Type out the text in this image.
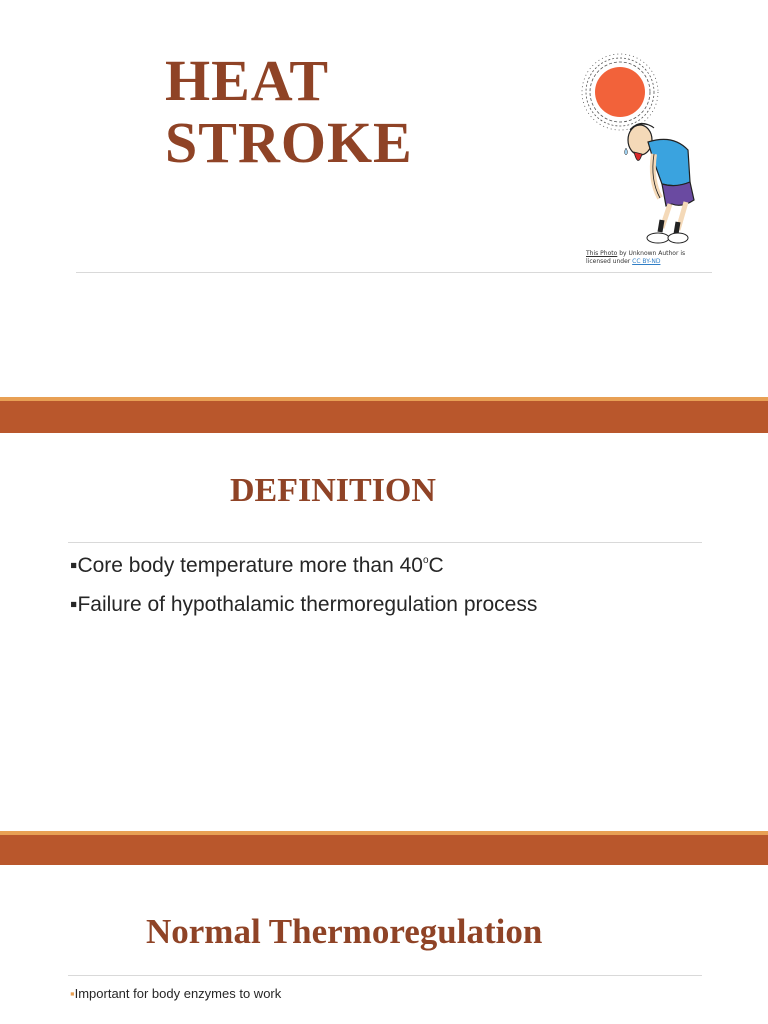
HEAT
STROKE
This Photo by Unknown Author is licensed under CC BY-ND
DEFINITION
▪Core body temperature more than 40$^o$C
▪Failure of hypothalamic thermoregulation process
Normal Thermoregulation
▪Important for body enzymes to work
